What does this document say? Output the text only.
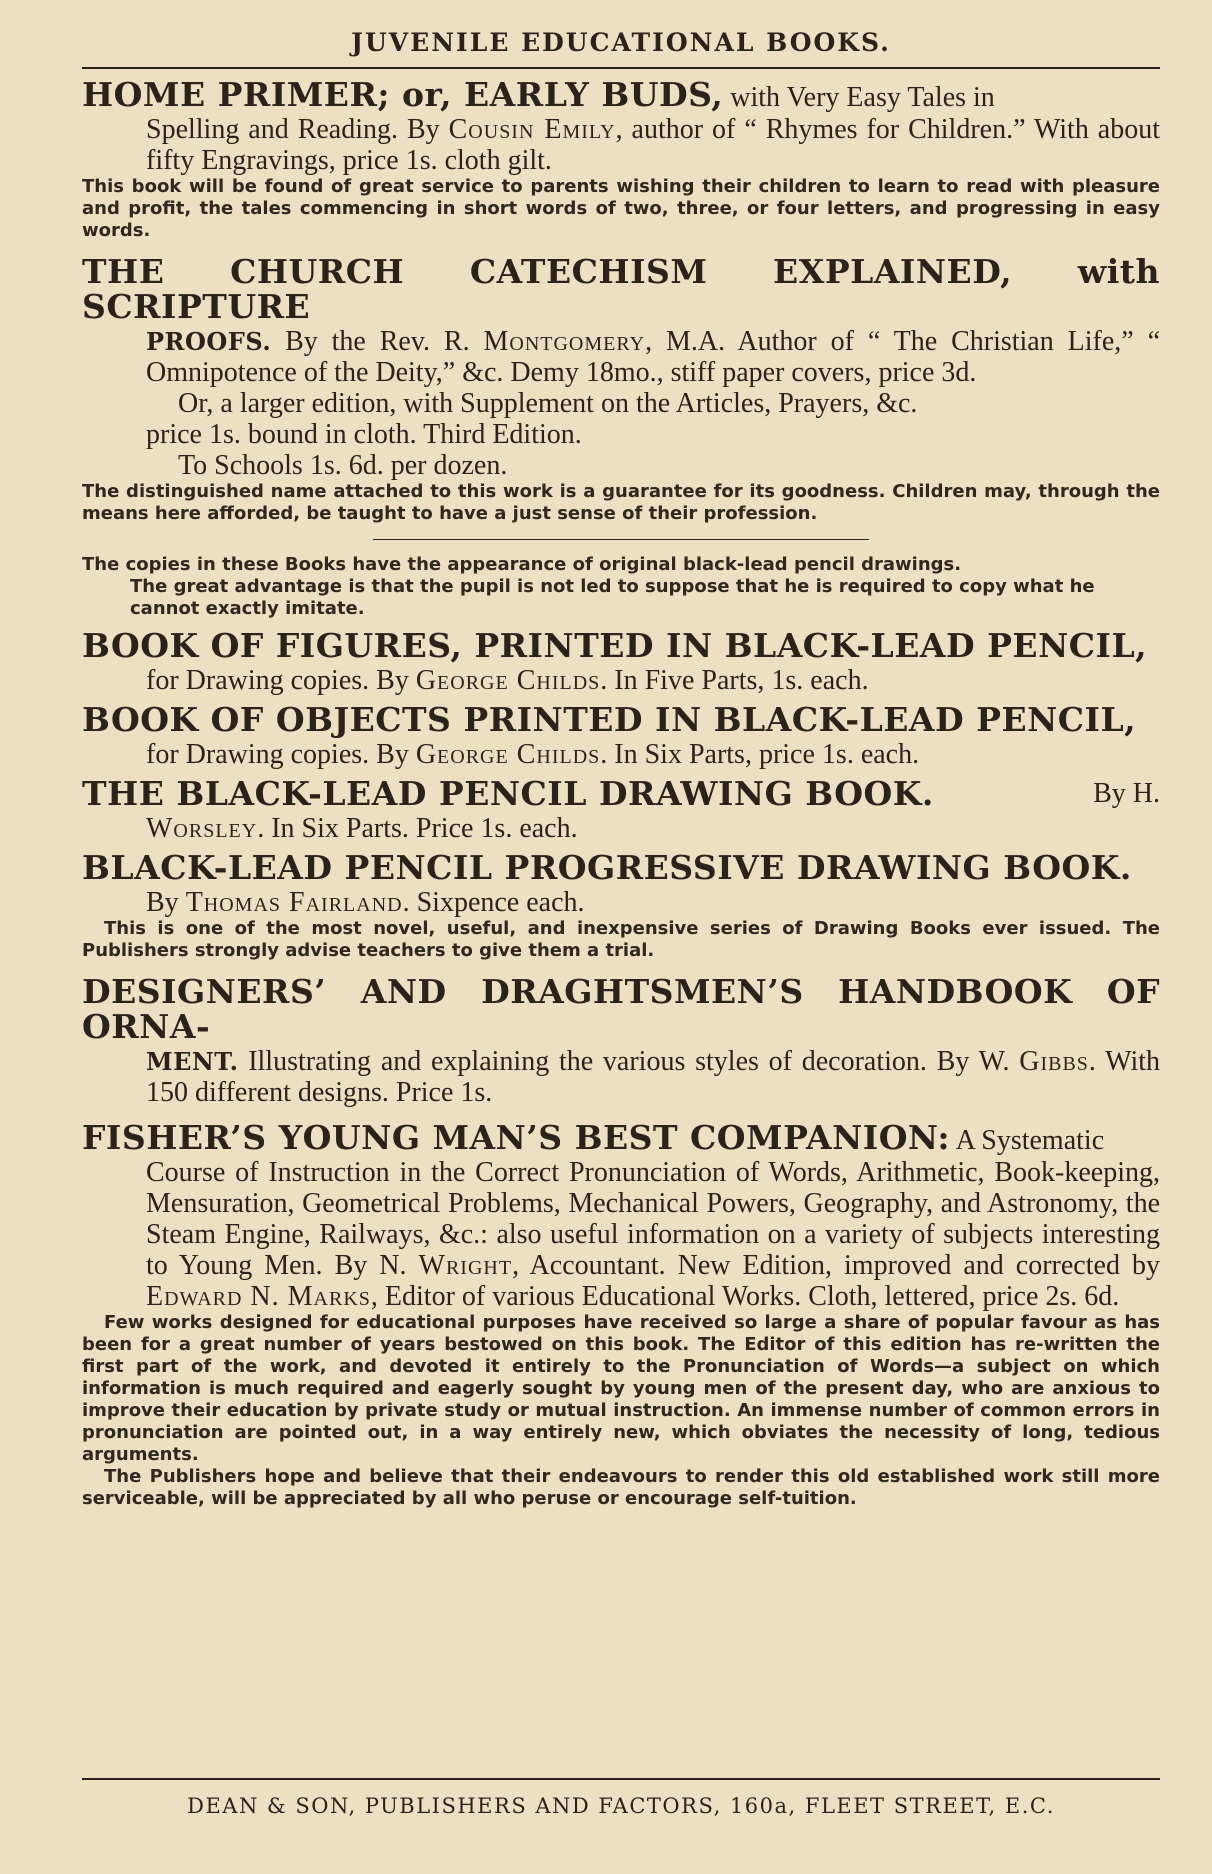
JUVENILE EDUCATIONAL BOOKS.

HOME PRIMER; or, EARLY BUDS, with Very Easy Tales in

Spelling and Reading. By Cousin Emily, author of “ Rhymes for Children.” With about fifty Engravings, price 1s. cloth gilt.

This book will be found of great service to parents wishing their children to learn to read with pleasure and profit, the tales commencing in short words of two, three, or four letters, and progressing in easy words.

THE CHURCH CATECHISM EXPLAINED, with SCRIPTURE

PROOFS. By the Rev. R. Montgomery, M.A. Author of “ The Christian Life,” “ Omnipotence of the Deity,” &c. Demy 18mo., stiff paper covers, price 3d.

Or, a larger edition, with Supplement on the Articles, Prayers, &c.

price 1s. bound in cloth. Third Edition.

To Schools 1s. 6d. per dozen.

The distinguished name attached to this work is a guarantee for its goodness. Children may, through the means here afforded, be taught to have a just sense of their profession.

The copies in these Books have the appearance of original black-lead pencil drawings.
The great advantage is that the pupil is not led to suppose that he is required to copy what he cannot exactly imitate.

BOOK OF FIGURES, PRINTED IN BLACK-LEAD PENCIL,

for Drawing copies. By George Childs. In Five Parts, 1s. each.

BOOK OF OBJECTS PRINTED IN BLACK-LEAD PENCIL,

for Drawing copies. By George Childs. In Six Parts, price 1s. each.

THE BLACK-LEAD PENCIL DRAWING BOOK.	By H.

Worsley. In Six Parts. Price 1s. each.

BLACK-LEAD PENCIL PROGRESSIVE DRAWING BOOK.

By Thomas Fairland. Sixpence each.

This is one of the most novel, useful, and inexpensive series of Drawing Books ever issued. The Publishers strongly advise teachers to give them a trial.

DESIGNERS’ AND DRAGHTSMEN’S HANDBOOK OF ORNA-

MENT. Illustrating and explaining the various styles of decoration. By W. Gibbs. With 150 different designs. Price 1s.

FISHER’S YOUNG MAN’S BEST COMPANION: A Systematic

Course of Instruction in the Correct Pronunciation of Words, Arithmetic, Book-keeping, Mensuration, Geometrical Problems, Mechanical Powers, Geography, and Astronomy, the Steam Engine, Railways, &c.: also useful information on a variety of subjects interesting to Young Men. By N. Wright, Accountant. New Edition, improved and corrected by Edward N. Marks, Editor of various Educational Works. Cloth, lettered, price 2s. 6d.

Few works designed for educational purposes have received so large a share of popular favour as has been for a great number of years bestowed on this book. The Editor of this edition has re-written the first part of the work, and devoted it entirely to the Pronunciation of Words—a subject on which information is much required and eagerly sought by young men of the present day, who are anxious to improve their education by private study or mutual instruction. An immense number of common errors in pronunciation are pointed out, in a way entirely new, which obviates the necessity of long, tedious arguments.

The Publishers hope and believe that their endeavours to render this old established work still more serviceable, will be appreciated by all who peruse or encourage self-tuition.

DEAN & SON, PUBLISHERS AND FACTORS, 160a, FLEET STREET, E.C.
